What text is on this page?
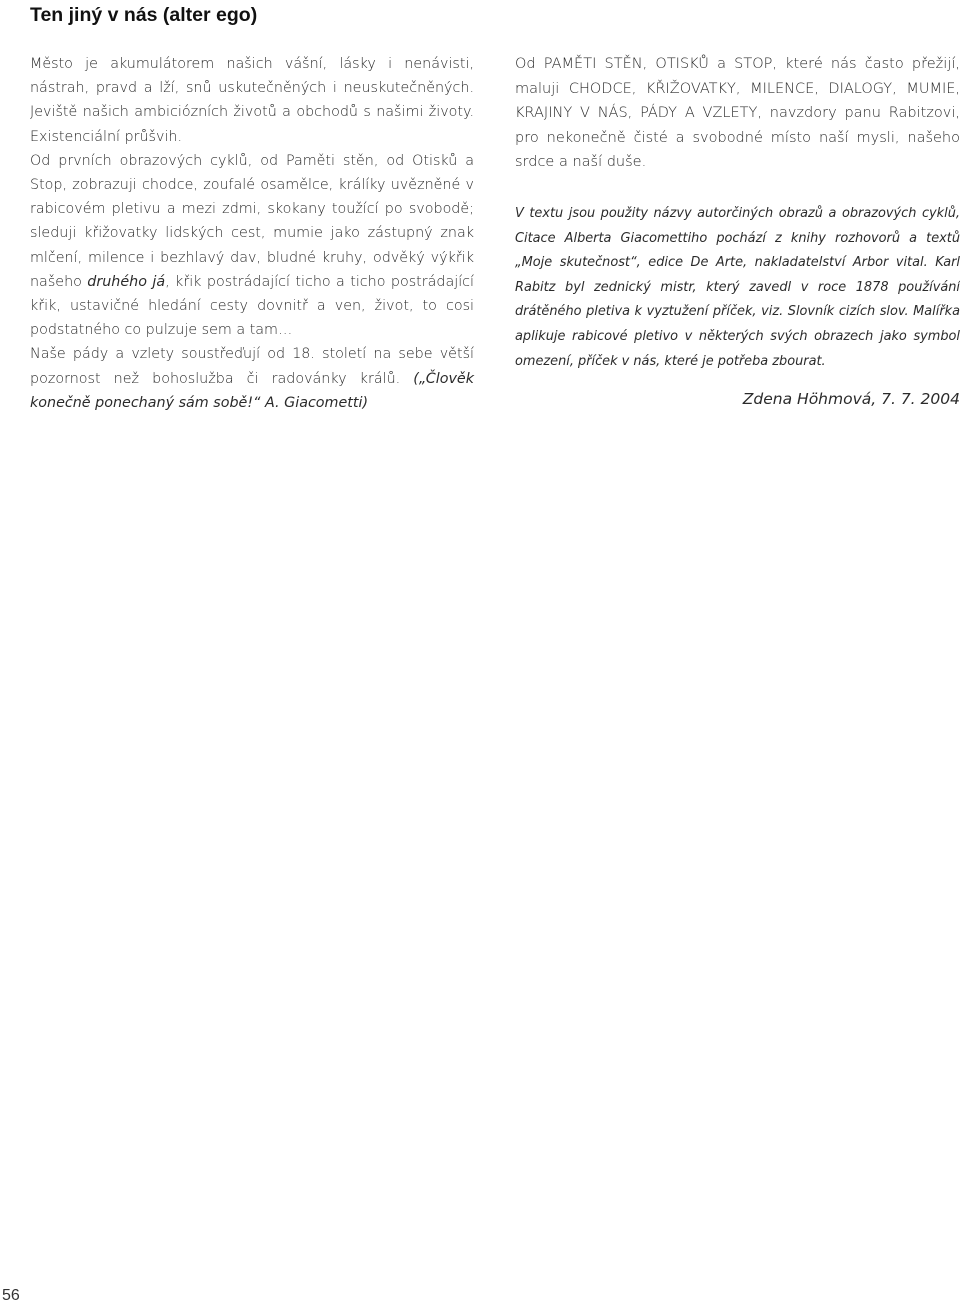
Ten jiný v nás (alter ego)

Město je akumulátorem našich vášní, lásky i nenávisti, nástrah, pravd a lží, snů uskutečněných i neuskutečněných. Jeviště našich ambiciózních životů a obchodů s našimi životy. Existenciální průšvih.

Od prvních obrazových cyklů, od Paměti stěn, od Otisků a Stop, zobrazuji chodce, zoufalé osamělce, králíky uvězněné v rabicovém pletivu a mezi zdmi, skokany toužící po svobodě; sleduji křižovatky lidských cest, mumie jako zástupný znak mlčení, milence i bezhlavý dav, bludné kruhy, odvěký výkřik našeho druhého já, křik postrádající ticho a ticho postrádající křik, ustavičné hledání cesty dovnitř a ven, život, to cosi podstatného co pulzuje sem a tam…

Naše pády a vzlety soustřeďují od 18. století na sebe větší pozornost než bohoslužba či radovánky králů. („Člověk konečně ponechaný sám sobě!“ A. Giacometti)

Od PAMĚTI STĚN, OTISKŮ a STOP, které nás často přežijí, maluji CHODCE, KŘIŽOVATKY, MILENCE, DIALOGY, MUMIE, KRAJINY V NÁS, PÁDY A VZLETY, navzdory panu Rabitzovi, pro nekonečně čisté a svobodné místo naší mysli, našeho srdce a naší duše.

V textu jsou použity názvy autorčiných obrazů a obrazových cyklů, Citace Alberta Giacomettiho pochází z knihy rozhovorů a textů „Moje skutečnost“, edice De Arte, nakladatelství Arbor vital. Karl Rabitz byl zednický mistr, který zavedl v roce 1878 používání drátěného pletiva k vyztužení příček, viz. Slovník cizích slov. Malířka aplikuje rabicové pletivo v některých svých obrazech jako symbol omezení, příček v nás, které je potřeba zbourat.

Zdena Höhmová, 7. 7. 2004

56
